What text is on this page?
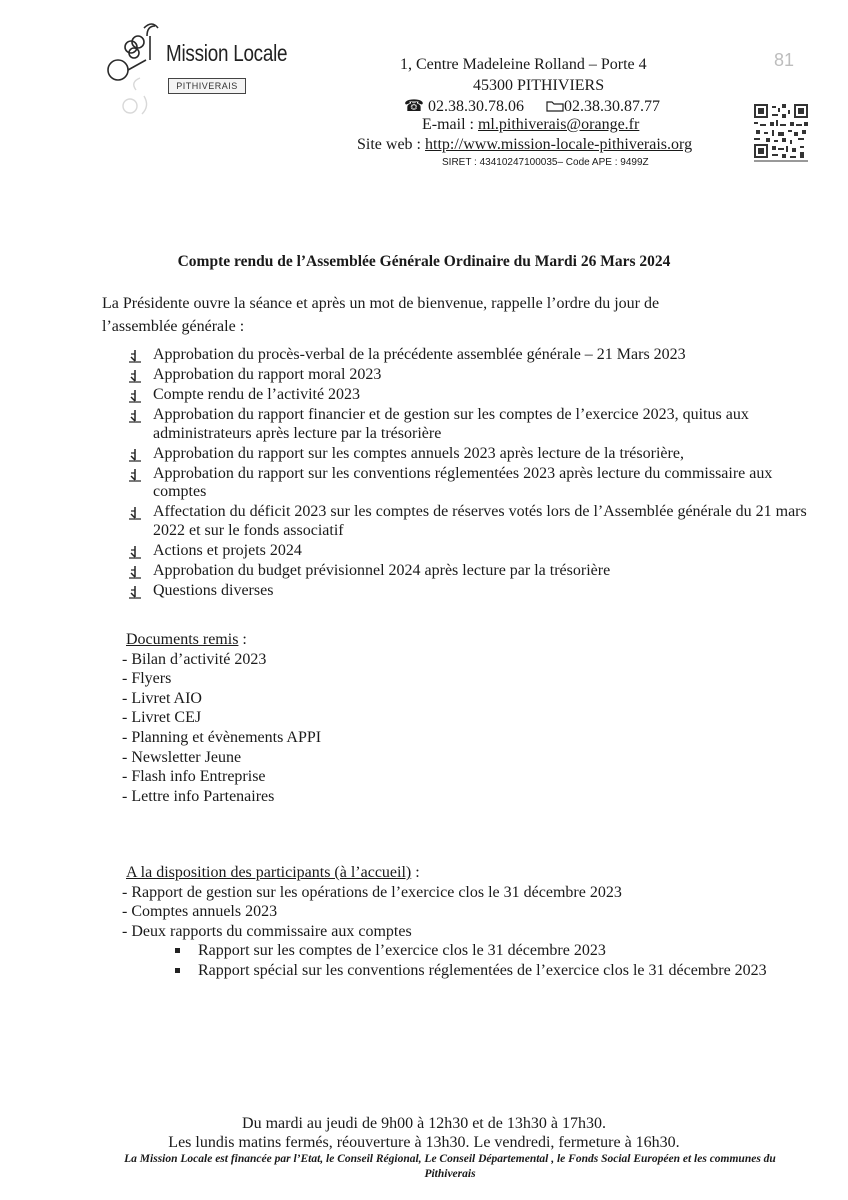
Mission Locale
PITHIVERAIS
81
1, Centre Madeleine Rolland – Porte 4
45300 PITHIVIERS
☎ 02.38.30.78.06	02.38.30.87.77
E-mail : ml.pithiverais@orange.fr
Site web : http://www.mission-locale-pithiverais.org
SIRET : 43410247100035– Code APE : 9499Z
Compte rendu de l’Assemblée Générale Ordinaire du Mardi 26 Mars 2024
La Présidente ouvre la séance et après un mot de bienvenue, rappelle l’ordre du jour de
l’assemblée générale :
Approbation du procès-verbal de la précédente assemblée générale – 21 Mars 2023
Approbation du rapport moral 2023
Compte rendu de l’activité 2023
Approbation du rapport financier et de gestion sur les comptes de l’exercice 2023, quitus aux administrateurs après lecture par la trésorière
Approbation du rapport sur les comptes annuels 2023 après lecture de la trésorière,
Approbation du rapport sur les conventions réglementées 2023 après lecture du commissaire aux comptes
Affectation du déficit 2023 sur les comptes de réserves votés lors de l’Assemblée générale du 21 mars 2022 et sur le fonds associatif
Actions et projets 2024
Approbation du budget prévisionnel 2024 après lecture par la trésorière
Questions diverses
Documents remis :
- Bilan d’activité 2023
- Flyers
- Livret AIO
- Livret CEJ
- Planning et évènements APPI
- Newsletter Jeune
- Flash info Entreprise
- Lettre info Partenaires
A la disposition des participants (à l’accueil) :
- Rapport de gestion sur les opérations de l’exercice clos le 31 décembre 2023
- Comptes annuels 2023
- Deux rapports du commissaire aux comptes
Rapport sur les comptes de l’exercice clos le 31 décembre 2023
Rapport spécial sur les conventions réglementées de l’exercice clos le 31 décembre 2023
Du mardi au jeudi de 9h00 à 12h30 et de 13h30 à 17h30.
Les lundis matins fermés, réouverture à 13h30. Le vendredi, fermeture à 16h30.
La Mission Locale est financée par l’Etat, le Conseil Régional, Le Conseil Départemental , le Fonds Social Européen et les communes du Pithiverais
